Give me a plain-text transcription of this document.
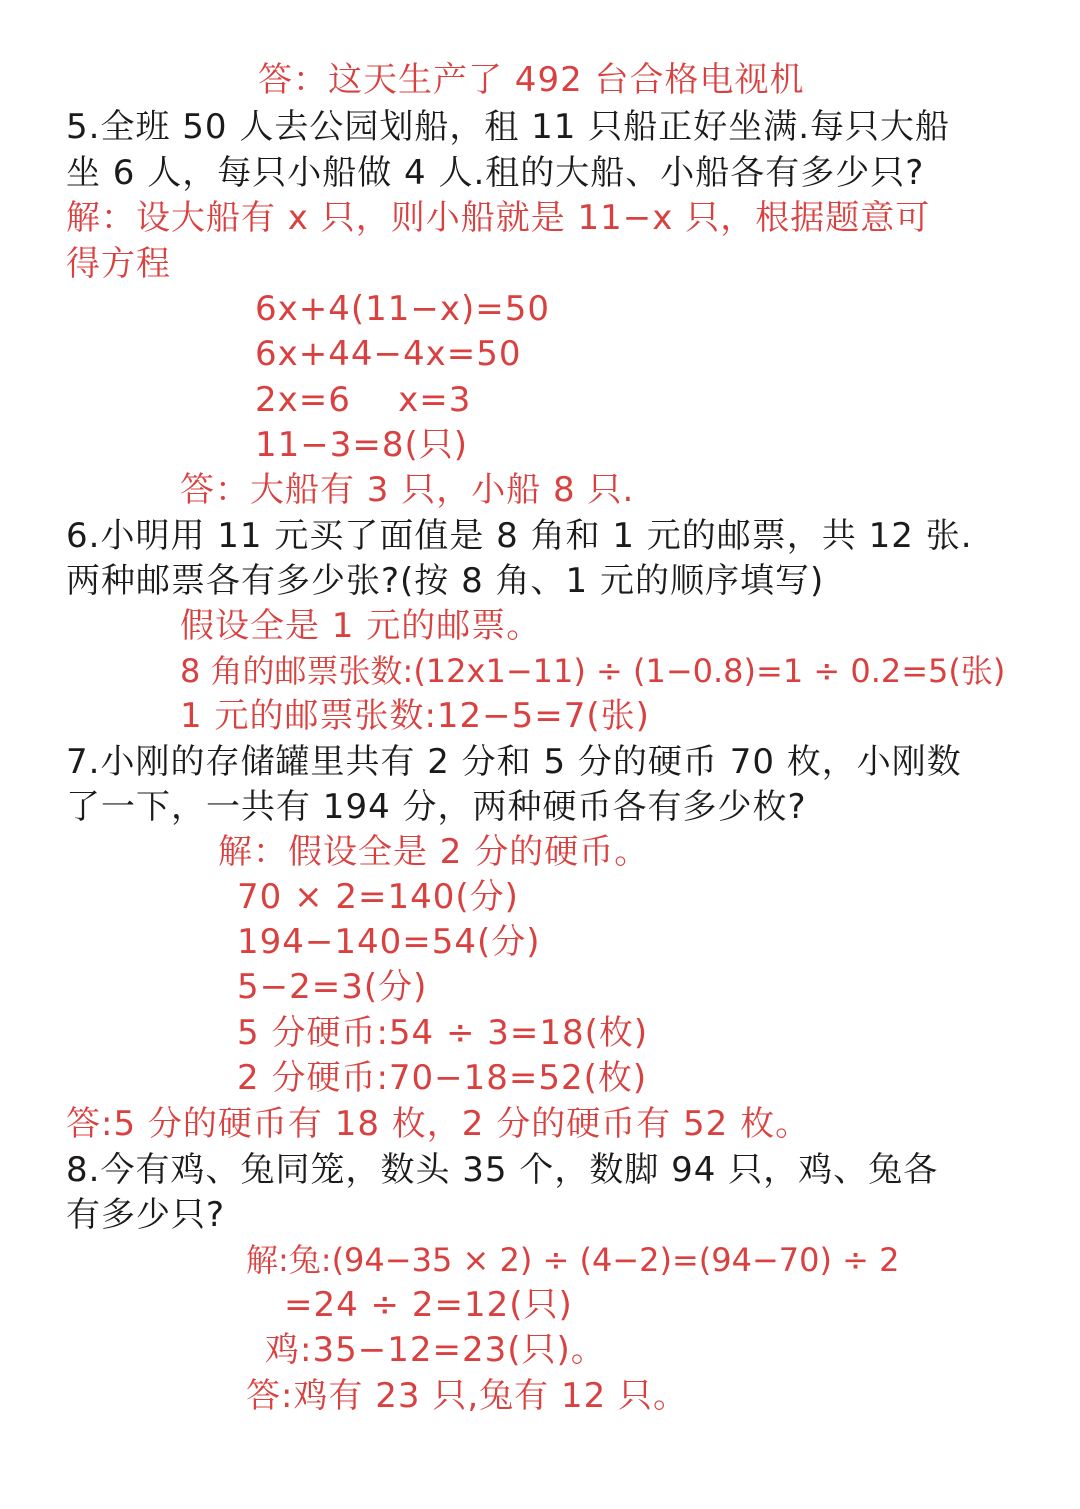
答：这天生产了 492 台合格电视机
5.全班 50 人去公园划船，租 11 只船正好坐满.每只大船
坐 6 人，每只小船做 4 人.租的大船、小船各有多少只?
解：设大船有 x 只，则小船就是 11−x 只，根据题意可
得方程
6x+4(11−x)=50
6x+44−4x=50
2x=6    x=3
11−3=8(只)
答：大船有 3 只，小船 8 只.
6.小明用 11 元买了面值是 8 角和 1 元的邮票，共 12 张.
两种邮票各有多少张?(按 8 角、1 元的顺序填写)
假设全是 1 元的邮票。
8 角的邮票张数:(12x1−11) ÷ (1−0.8)=1 ÷ 0.2=5(张)
1 元的邮票张数:12−5=7(张)
7.小刚的存储罐里共有 2 分和 5 分的硬币 70 枚，小刚数
了一下，一共有 194 分，两种硬币各有多少枚?
解：假设全是 2 分的硬币。
70 × 2=140(分)
194−140=54(分)
5−2=3(分)
5 分硬币:54 ÷ 3=18(枚)
2 分硬币:70−18=52(枚)
答:5 分的硬币有 18 枚，2 分的硬币有 52 枚。
8.今有鸡、兔同笼，数头 35 个，数脚 94 只，鸡、兔各
有多少只?
解:兔:(94−35 × 2) ÷ (4−2)=(94−70) ÷ 2
=24 ÷ 2=12(只)
鸡:35−12=23(只)。
答:鸡有 23 只,兔有 12 只。
